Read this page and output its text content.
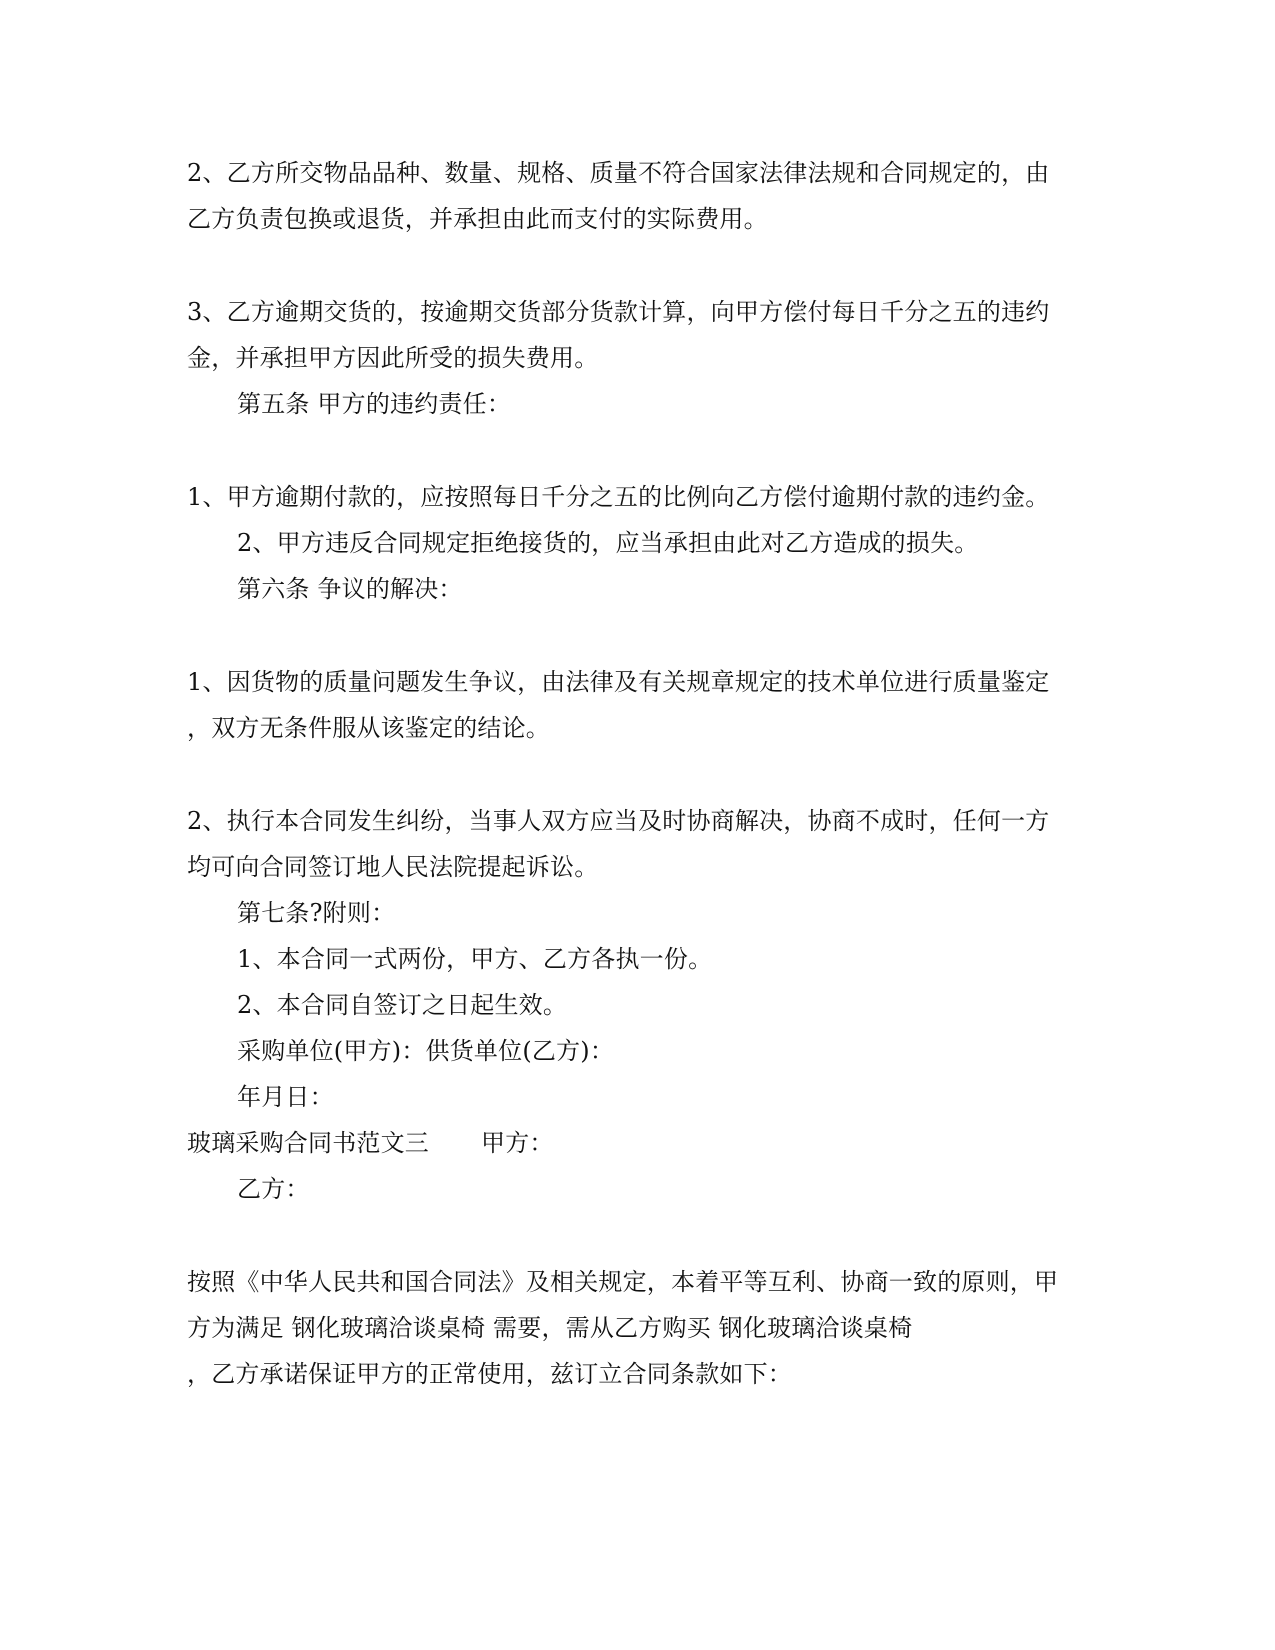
2、乙方所交物品品种、数量、规格、质量不符合国家法律法规和合同规定的，由
乙方负责包换或退货，并承担由此而支付的实际费用。
3、乙方逾期交货的，按逾期交货部分货款计算，向甲方偿付每日千分之五的违约
金，并承担甲方因此所受的损失费用。
第五条 甲方的违约责任：
1、甲方逾期付款的，应按照每日千分之五的比例向乙方偿付逾期付款的违约金。
2、甲方违反合同规定拒绝接货的，应当承担由此对乙方造成的损失。
第六条 争议的解决：
1、因货物的质量问题发生争议，由法律及有关规章规定的技术单位进行质量鉴定
，双方无条件服从该鉴定的结论。
2、执行本合同发生纠纷，当事人双方应当及时协商解决，协商不成时，任何一方
均可向合同签订地人民法院提起诉讼。
第七条?附则：
1、本合同一式两份，甲方、乙方各执一份。
2、本合同自签订之日起生效。
采购单位(甲方)：供货单位(乙方)：
年月日：
玻璃采购合同书范文三 甲方：
乙方：
按照《中华人民共和国合同法》及相关规定，本着平等互利、协商一致的原则，甲
方为满足 钢化玻璃洽谈桌椅 需要，需从乙方购买 钢化玻璃洽谈桌椅
，乙方承诺保证甲方的正常使用，兹订立合同条款如下：
